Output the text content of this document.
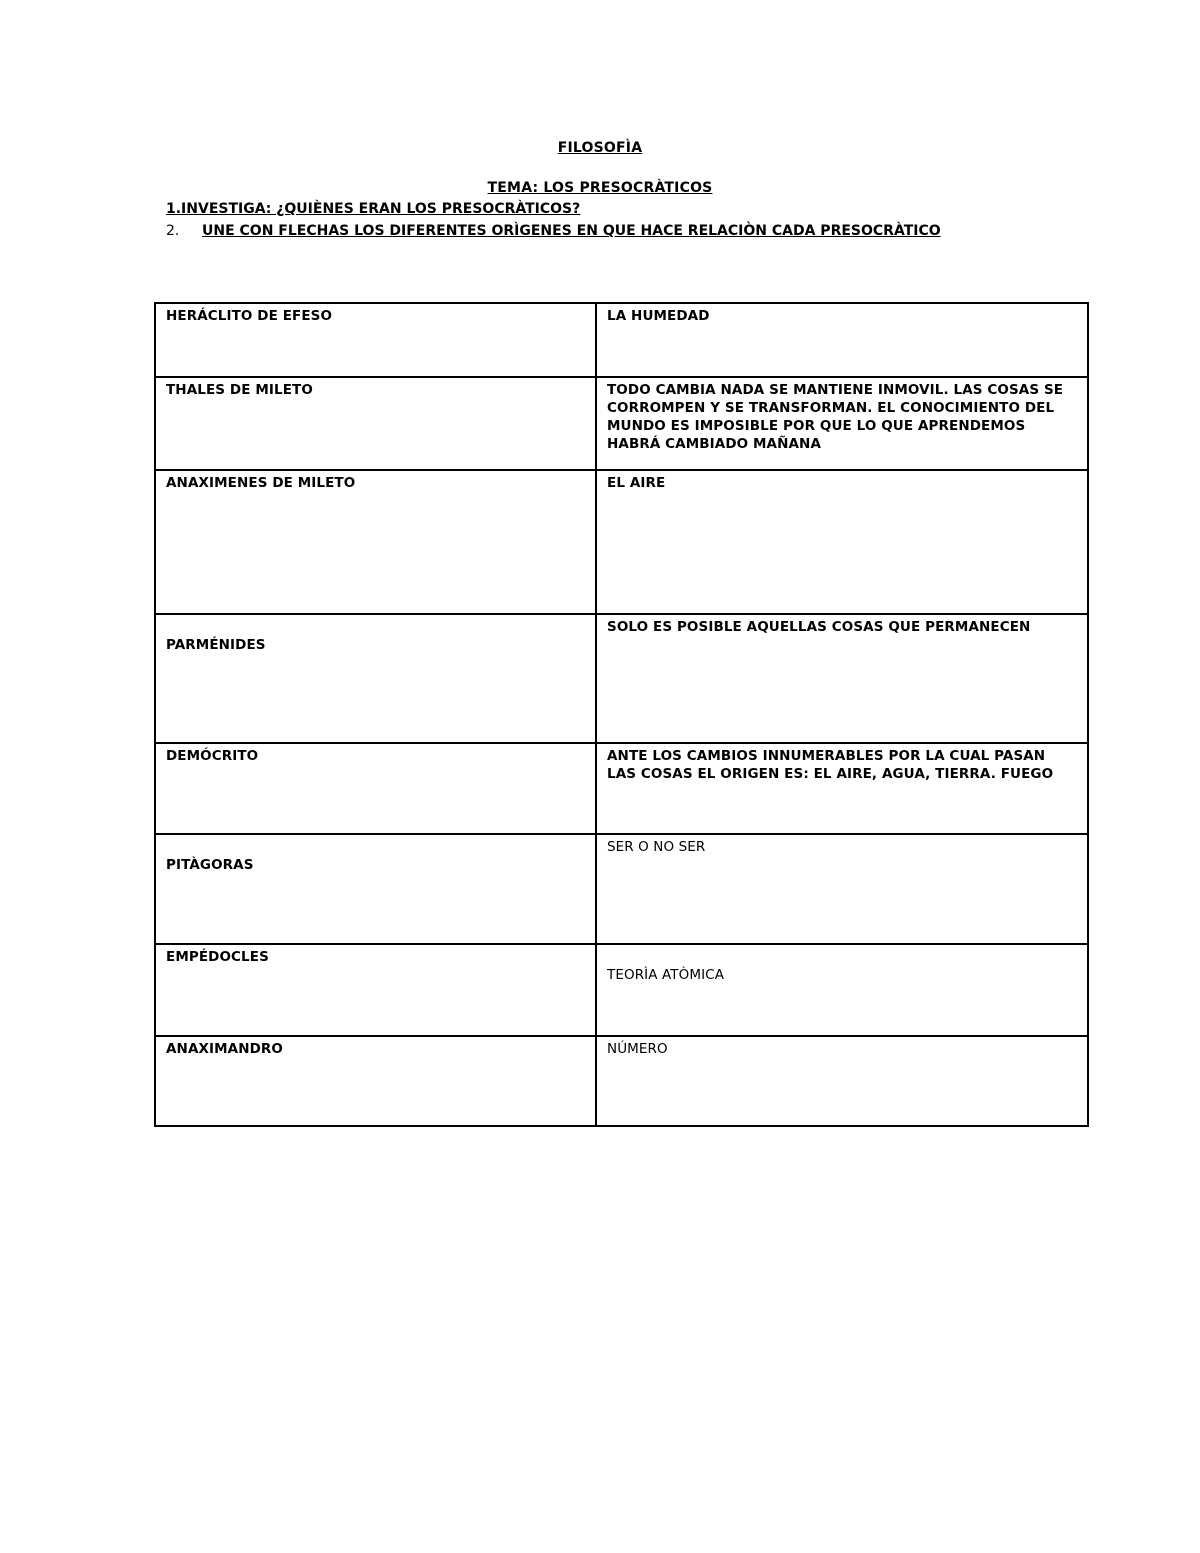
FILOSOFÌA
TEMA: LOS PRESOCRÀTICOS
1.INVESTIGA: ¿QUIÈNES ERAN LOS PRESOCRÀTICOS?
2. UNE CON FLECHAS LOS DIFERENTES ORÌGENES EN QUE HACE RELACIÒN CADA PRESOCRÀTICO
HERÁCLITO DE EFESO	LA HUMEDAD
THALES DE MILETO	TODO CAMBIA NADA SE MANTIENE INMOVIL. LAS COSAS SE CORROMPEN Y SE TRANSFORMAN. EL CONOCIMIENTO DEL MUNDO ES IMPOSIBLE POR QUE LO QUE APRENDEMOS HABRÁ CAMBIADO MAÑANA
ANAXIMENES DE MILETO	EL AIRE
PARMÉNIDES	SOLO ES POSIBLE AQUELLAS COSAS QUE PERMANECEN
DEMÓCRITO	ANTE LOS CAMBIOS INNUMERABLES POR LA CUAL PASAN LAS COSAS EL ORIGEN ES: EL AIRE, AGUA, TIERRA. FUEGO
PITÀGORAS	SER O NO SER
EMPÉDOCLES	TEORÌA ATÒMICA
ANAXIMANDRO	NÚMERO
